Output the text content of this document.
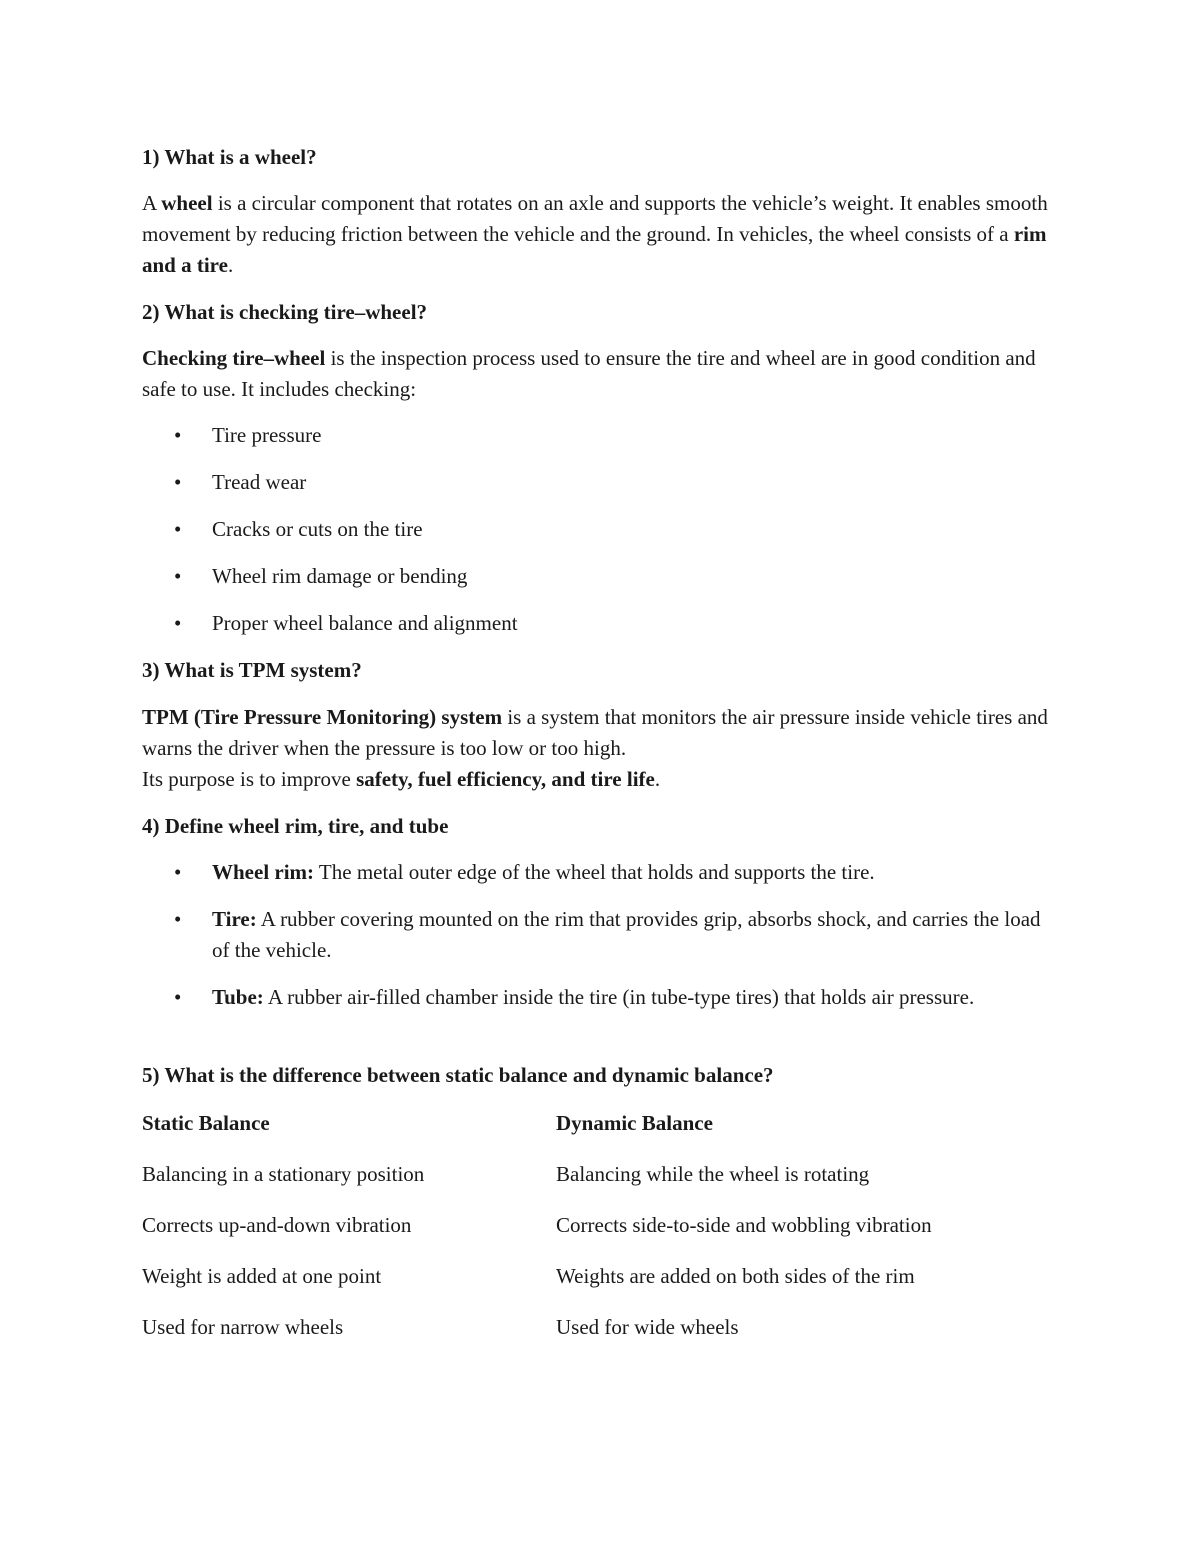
1) What is a wheel?

A wheel is a circular component that rotates on an axle and supports the vehicle’s weight. It enables smooth movement by reducing friction between the vehicle and the ground. In vehicles, the wheel consists of a rim and a tire.

2) What is checking tire–wheel?

Checking tire–wheel is the inspection process used to ensure the tire and wheel are in good condition and safe to use. It includes checking:

• Tire pressure
• Tread wear
• Cracks or cuts on the tire
• Wheel rim damage or bending
• Proper wheel balance and alignment

3) What is TPM system?

TPM (Tire Pressure Monitoring) system is a system that monitors the air pressure inside vehicle tires and warns the driver when the pressure is too low or too high.
Its purpose is to improve safety, fuel efficiency, and tire life.

4) Define wheel rim, tire, and tube

• Wheel rim: The metal outer edge of the wheel that holds and supports the tire.
• Tire: A rubber covering mounted on the rim that provides grip, absorbs shock, and carries the load of the vehicle.
• Tube: A rubber air-filled chamber inside the tire (in tube-type tires) that holds air pressure.

5) What is the difference between static balance and dynamic balance?

Static Balance	Dynamic Balance
Balancing in a stationary position	Balancing while the wheel is rotating
Corrects up-and-down vibration	Corrects side-to-side and wobbling vibration
Weight is added at one point	Weights are added on both sides of the rim
Used for narrow wheels	Used for wide wheels
